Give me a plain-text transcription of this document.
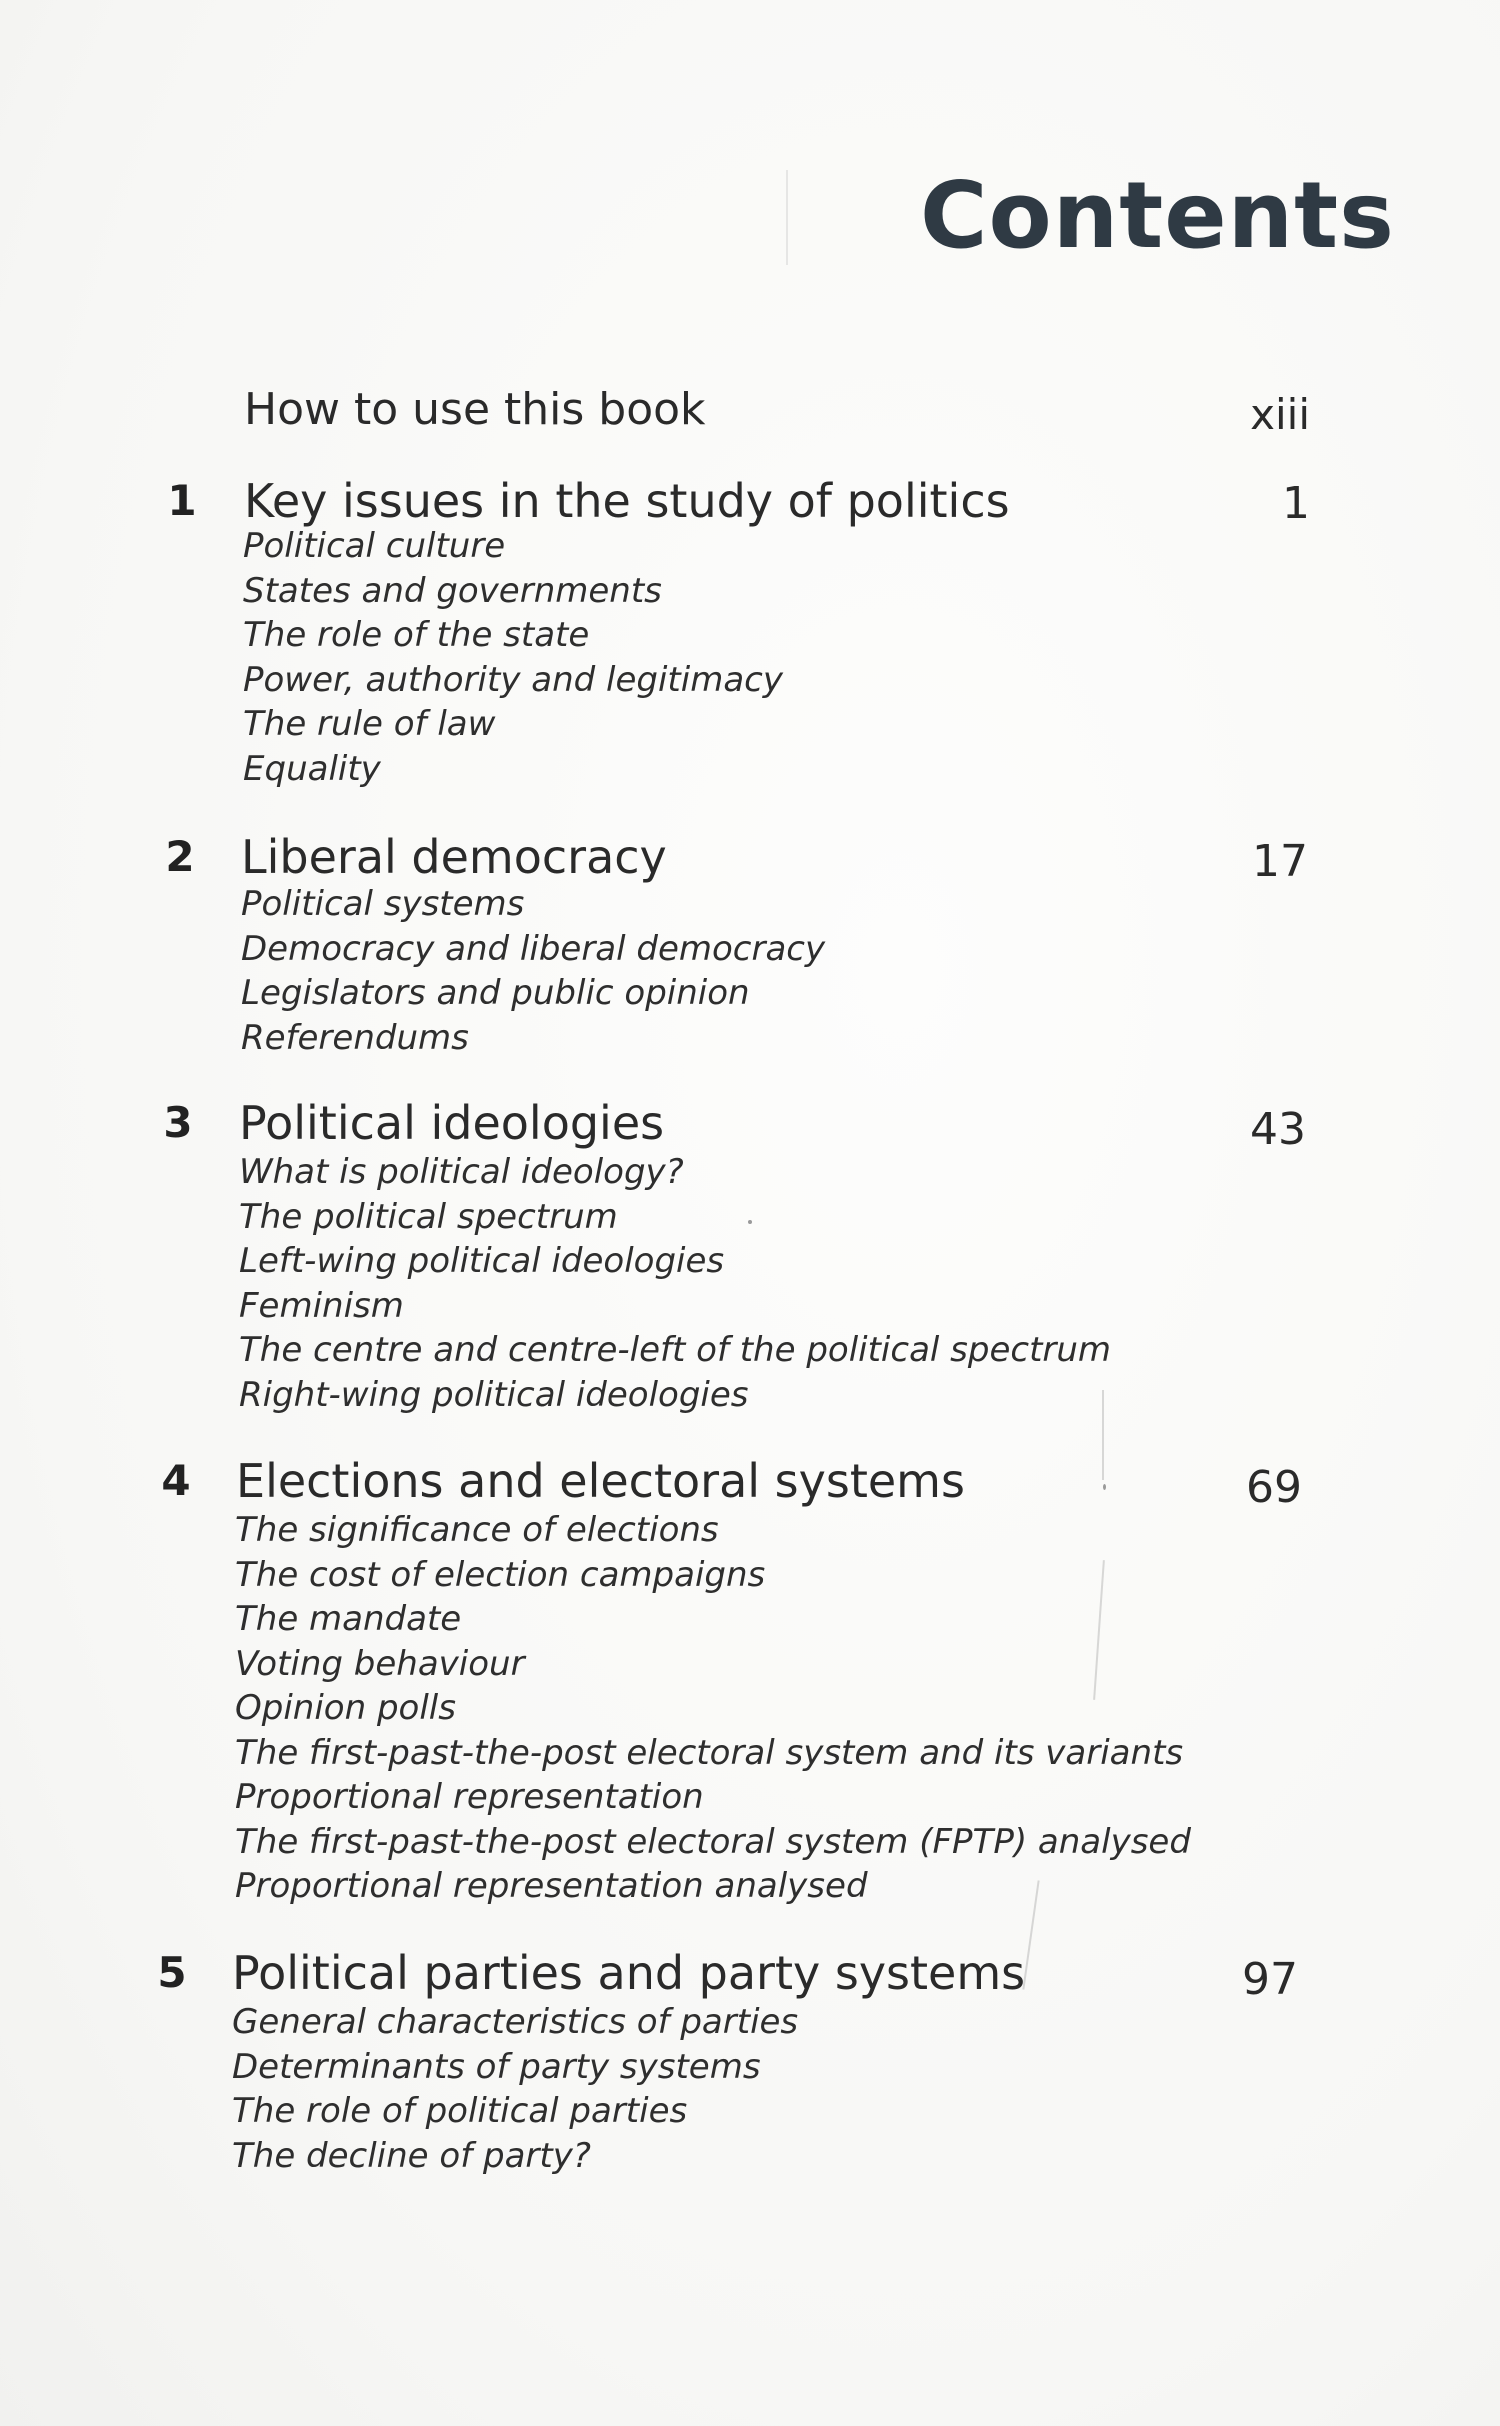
Contents
How to use this book	xiii
1 Key issues in the study of politics	1
Political culture
States and governments
The role of the state
Power, authority and legitimacy
The rule of law
Equality
2 Liberal democracy	17
Political systems
Democracy and liberal democracy
Legislators and public opinion
Referendums
3 Political ideologies	43
What is political ideology?
The political spectrum
Left-wing political ideologies
Feminism
The centre and centre-left of the political spectrum
Right-wing political ideologies
4 Elections and electoral systems	69
The significance of elections
The cost of election campaigns
The mandate
Voting behaviour
Opinion polls
The first-past-the-post electoral system and its variants
Proportional representation
The first-past-the-post electoral system (FPTP) analysed
Proportional representation analysed
5 Political parties and party systems	97
General characteristics of parties
Determinants of party systems
The role of political parties
The decline of party?
